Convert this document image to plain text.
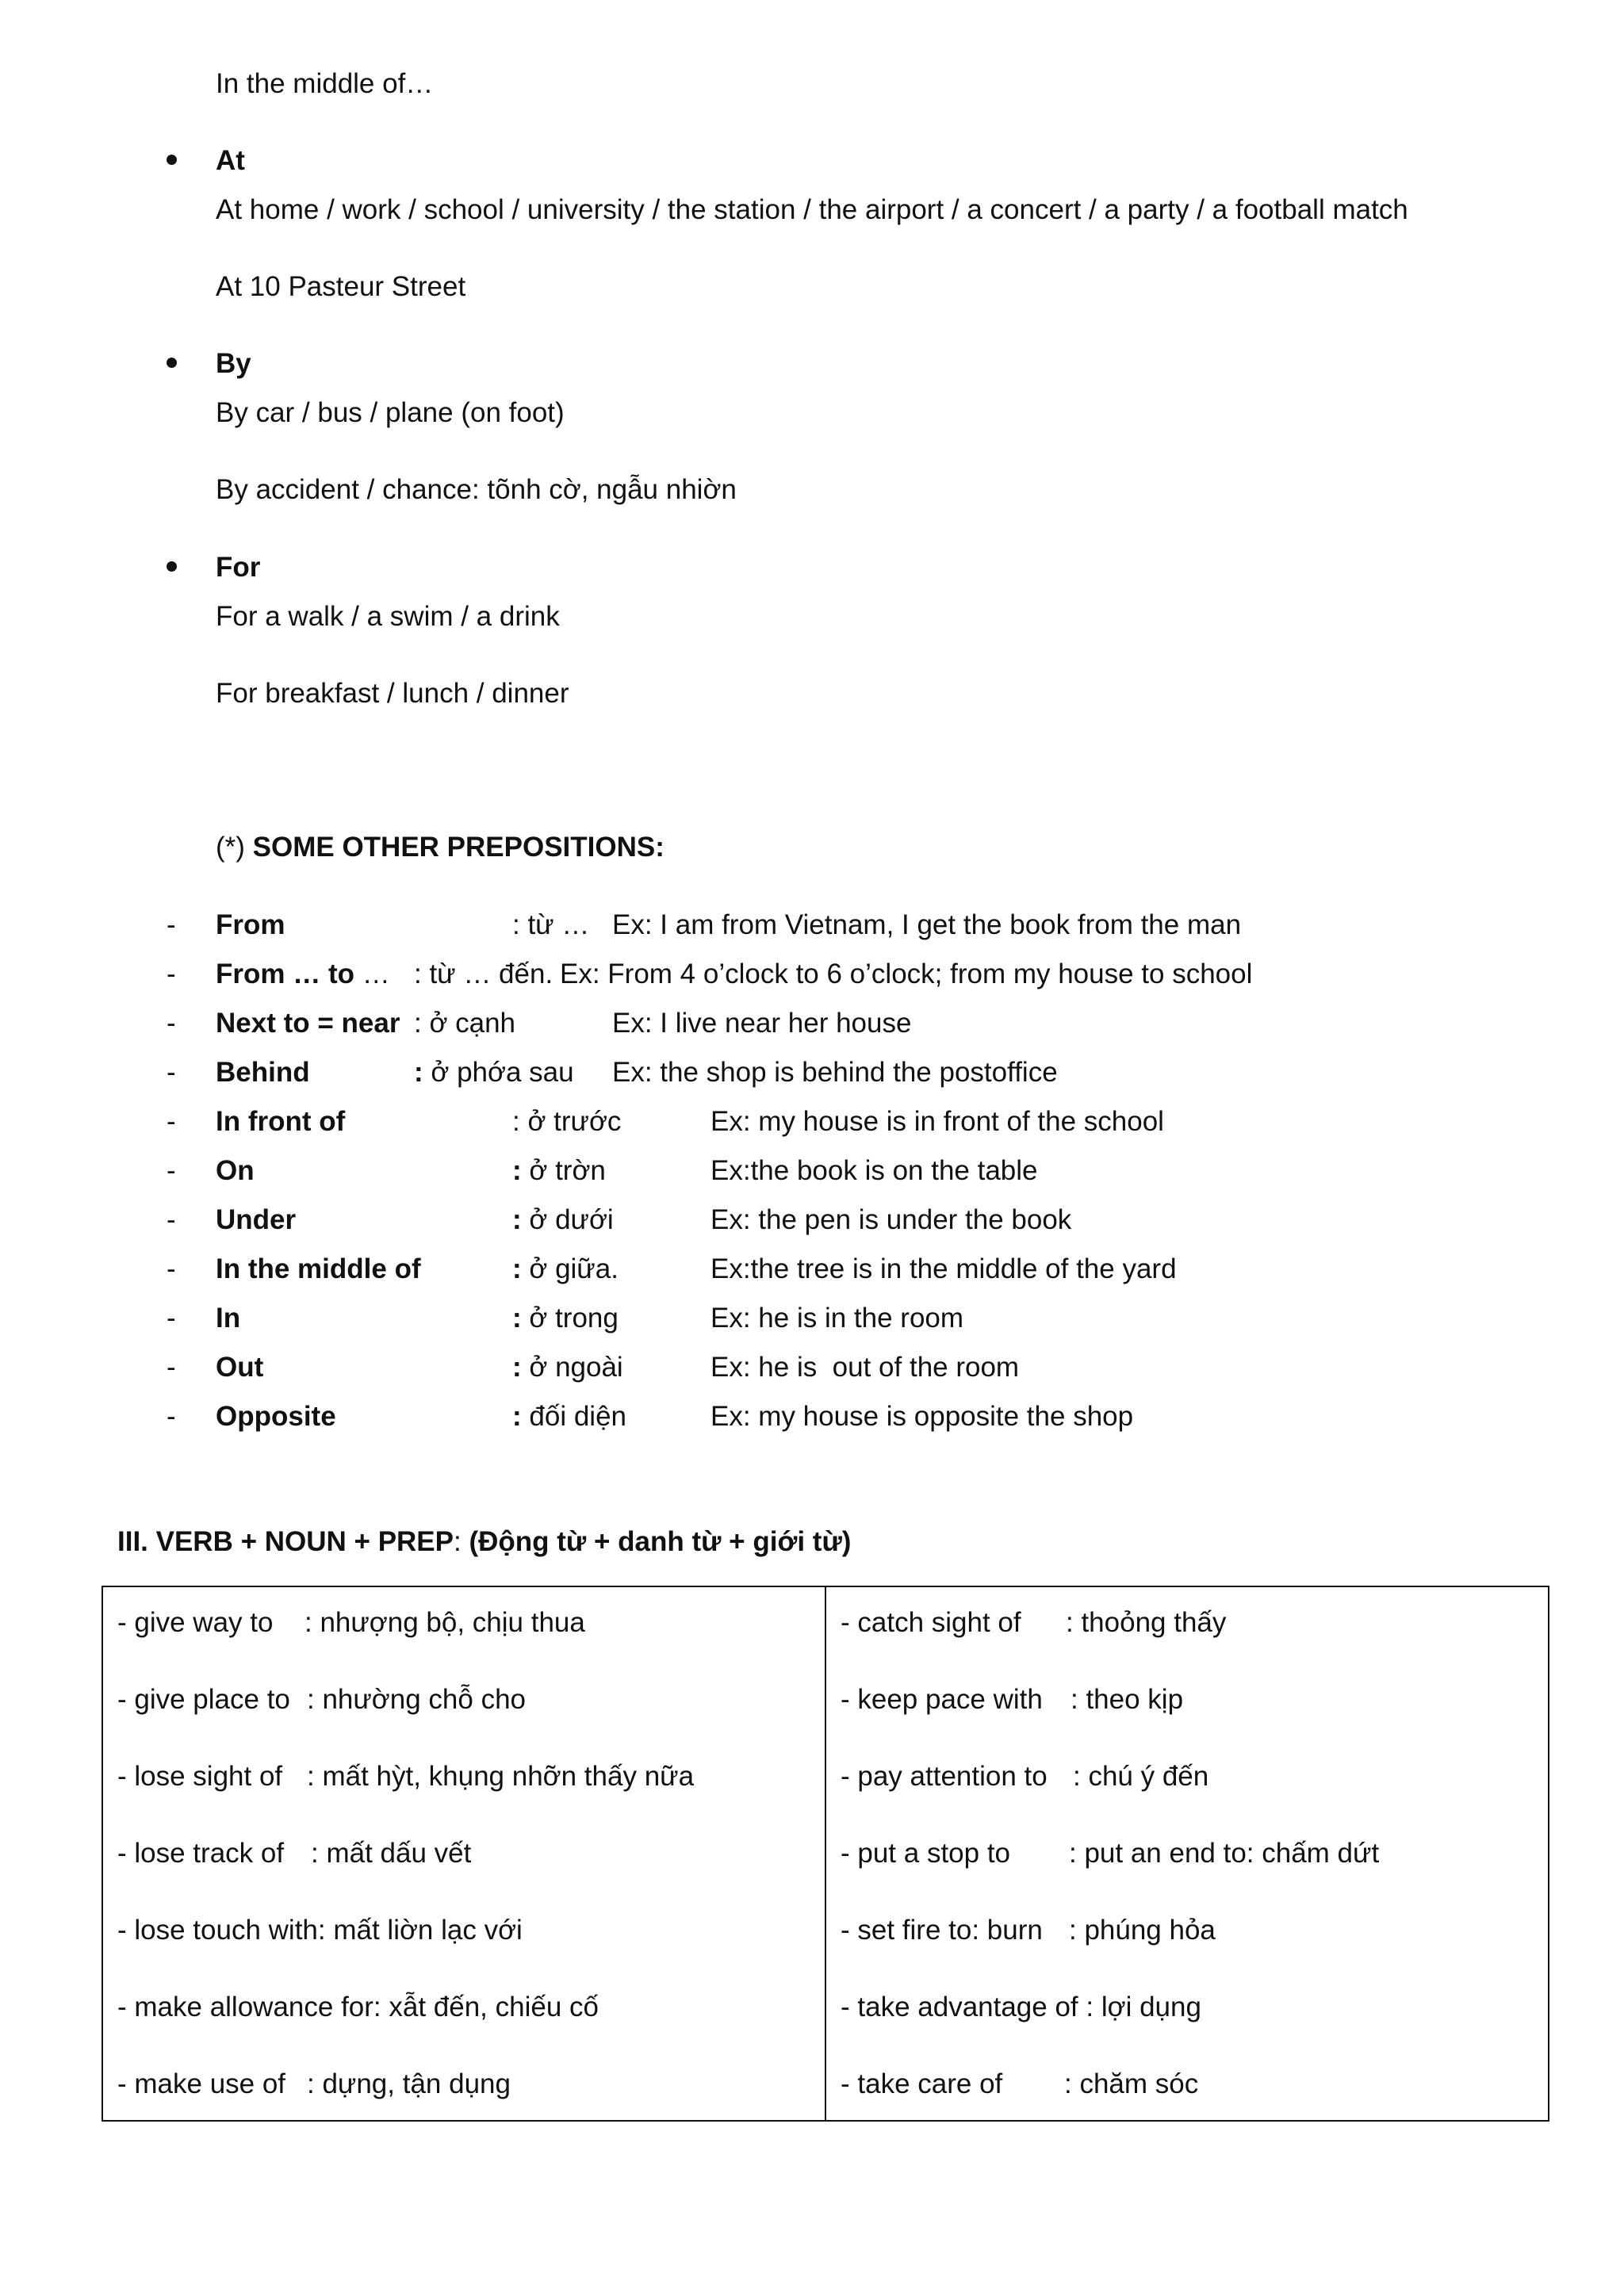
In the middle of…
At
At home / work / school / university / the station / the airport / a concert / a party / a football match
At 10 Pasteur Street
By
By car / bus / plane (on foot)
By accident / chance: tõnh cờ, ngẫu nhiờn
For
For a walk / a swim / a drink
For breakfast / lunch / dinner
(*) SOME OTHER PREPOSITIONS:
- From	: từ … Ex: I am from Vietnam, I get the book from the man
- From … to … : từ … đến. Ex: From 4 o’clock to 6 o’clock; from my house to school
- Next to = near : ở cạnh	Ex: I live near her house
- Behind	: ở phớa sau Ex: the shop is behind the postoffice
- In front of	: ở trước	Ex: my house is in front of the school
- On	: ở trờn	Ex:the book is on the table
- Under	: ở dưới	Ex: the pen is under the book
- In the middle of	: ở giữa.	Ex:the tree is in the middle of the yard
- In	: ở trong	Ex: he is in the room
- Out	: ở ngoài	Ex: he is  out of the room
- Opposite	: đối diện	Ex: my house is opposite the shop
III. VERB + NOUN + PREP: (Động từ + danh từ + giới từ)
- give way to : nhượng bộ, chịu thua
- give place to : nhường chỗ cho
- lose sight of : mất hỳt, khụng nhỡn thấy nữa
- lose track of : mất dấu vết
- lose touch with: mất liờn lạc với
- make allowance for: xẫt đến, chiếu cố
- make use of : dựng, tận dụng

- catch sight of : thoỏng thấy
- keep pace with : theo kịp
- pay attention to : chú ý đến
- put a stop to : put an end to: chấm dứt
- set fire to: burn : phúng hỏa
- take advantage of : lợi dụng
- take care of : chăm sóc
